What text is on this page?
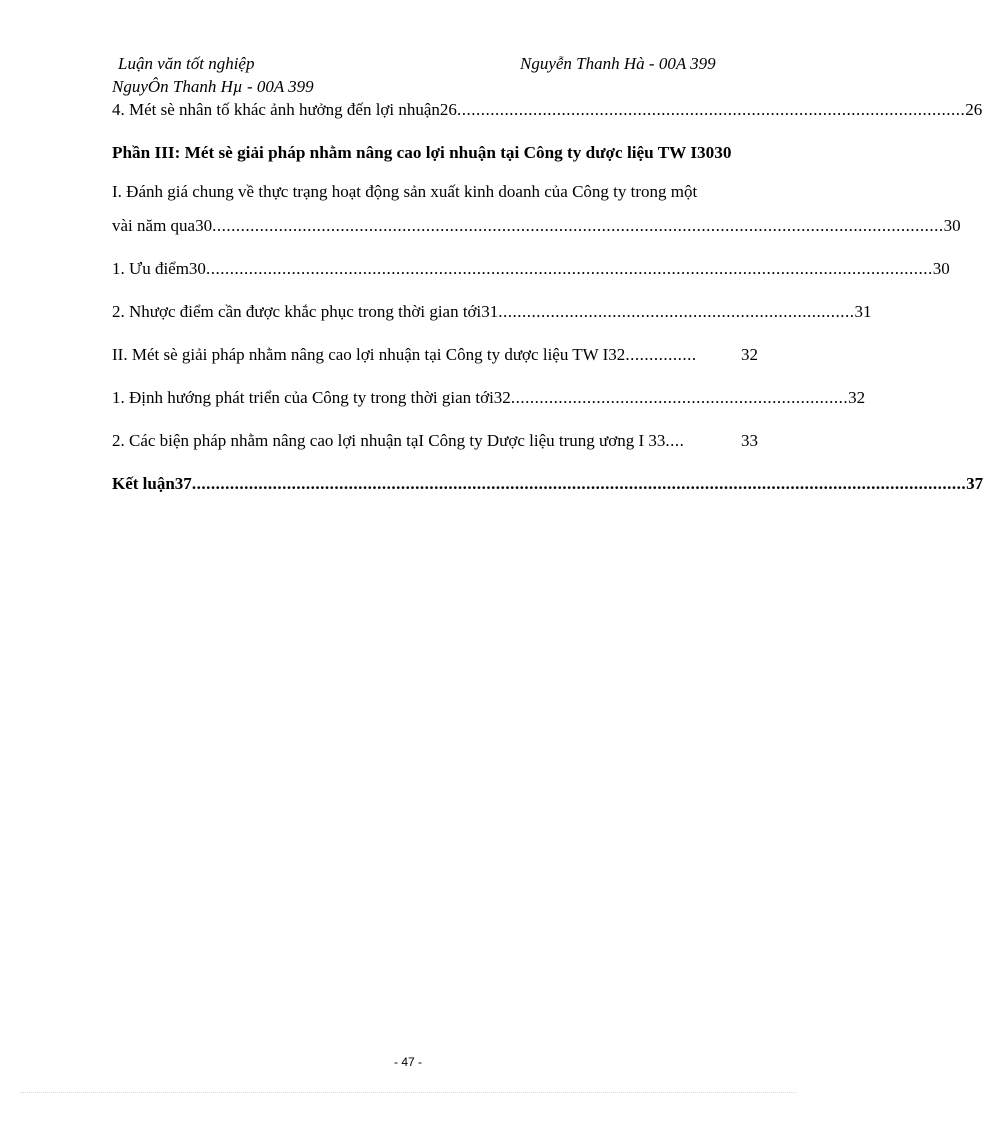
Luận văn tốt nghiệp	Nguyễn Thanh Hà - 00A 399
NguyÔn Thanh Hµ - 00A 399
4. Mét sè nhân tố khác ảnh hưởng đến lợi nhuận26 ........................................................................................................... 26
Phần III: Mét sè giải pháp nhằm nâng cao lợi nhuận tại Công ty dược liệu TW I3030
I. Đánh giá chung về thực trạng hoạt động sản xuất kinh doanh của Công ty trong một
vài năm qua30 .......................................................................................................................................................... 30
1. Ưu điểm30 ......................................................................................................................................................... 30
2. Nhược điểm cần được khắc phục trong thời gian tới31 ........................................................................... 31
II. Mét sè giải pháp nhằm nâng cao lợi nhuận tại Công ty dược liệu TW I32 ...............	32
1. Định hướng phát triển của Công ty trong thời gian tới32 ....................................................................... 32
2. Các biện pháp nhằm nâng cao lợi nhuận tạI Công ty Dược liệu trung ương I 33 ....	33
Kết luận37 ................................................................................................................................................................... 37
- 47 -
